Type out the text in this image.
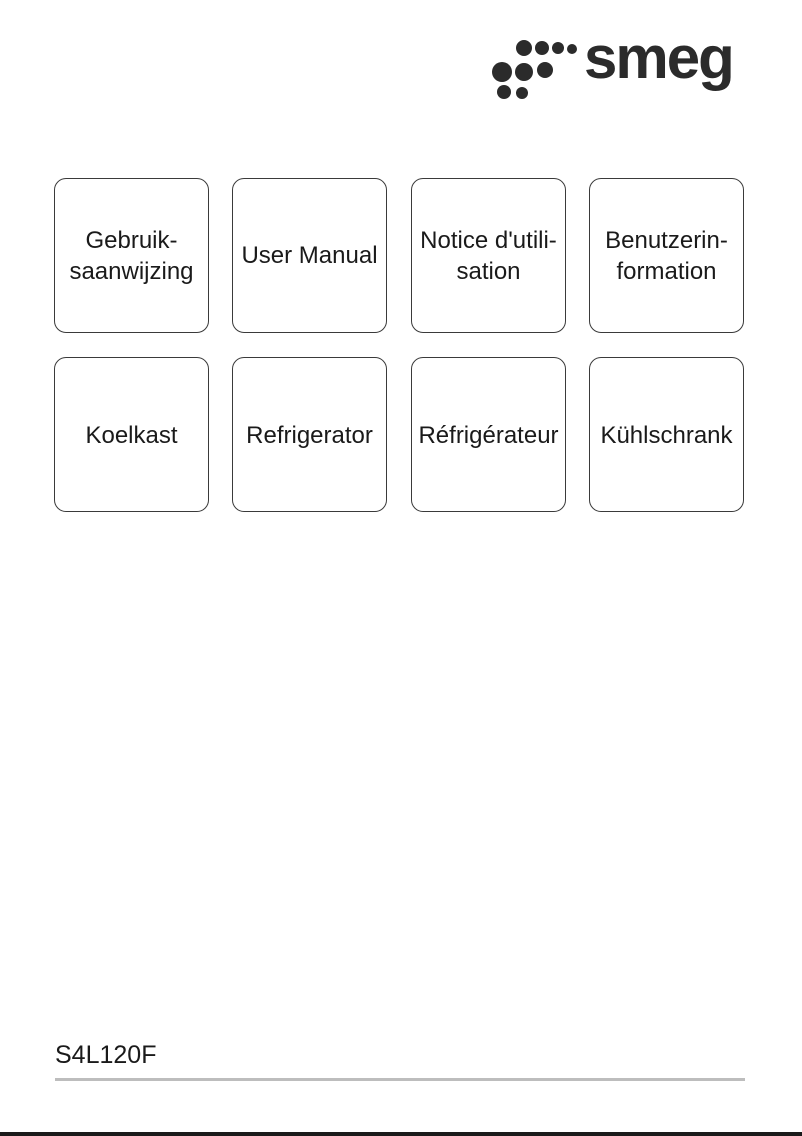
smeg
Gebruik-
saanwijzing
User Manual
Notice d'utili-
sation
Benutzerin-
formation
Koelkast	Refrigerator Réfrigérateur Kühlschrank
S4L120F
